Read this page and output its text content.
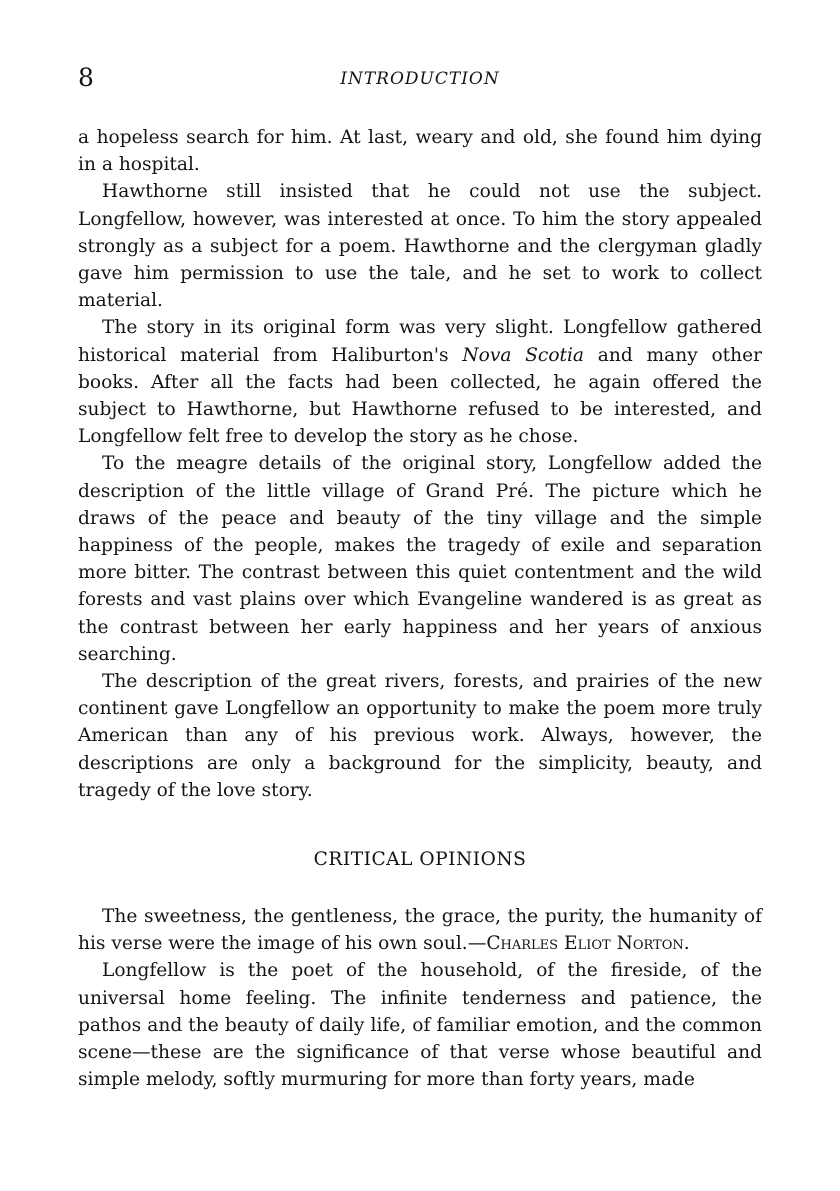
8	INTRODUCTION

a hopeless search for him. At last, weary and old, she found him dying in a hospital.

Hawthorne still insisted that he could not use the subject. Longfellow, however, was interested at once. To him the story appealed strongly as a subject for a poem. Hawthorne and the clergyman gladly gave him permission to use the tale, and he set to work to collect material.

The story in its original form was very slight. Longfellow gathered historical material from Haliburton's Nova Scotia and many other books. After all the facts had been collected, he again offered the subject to Hawthorne, but Hawthorne refused to be interested, and Longfellow felt free to develop the story as he chose.

To the meagre details of the original story, Longfellow added the description of the little village of Grand Pré. The picture which he draws of the peace and beauty of the tiny village and the simple happiness of the people, makes the tragedy of exile and separation more bitter. The contrast between this quiet contentment and the wild forests and vast plains over which Evangeline wandered is as great as the contrast between her early happiness and her years of anxious searching.

The description of the great rivers, forests, and prairies of the new continent gave Longfellow an opportunity to make the poem more truly American than any of his previous work. Always, however, the descriptions are only a background for the simplicity, beauty, and tragedy of the love story.

CRITICAL OPINIONS

The sweetness, the gentleness, the grace, the purity, the humanity of his verse were the image of his own soul.—Charles Eliot Norton.

Longfellow is the poet of the household, of the fireside, of the universal home feeling. The infinite tenderness and patience, the pathos and the beauty of daily life, of familiar emotion, and the common scene—these are the significance of that verse whose beautiful and simple melody, softly murmuring for more than forty years, made
